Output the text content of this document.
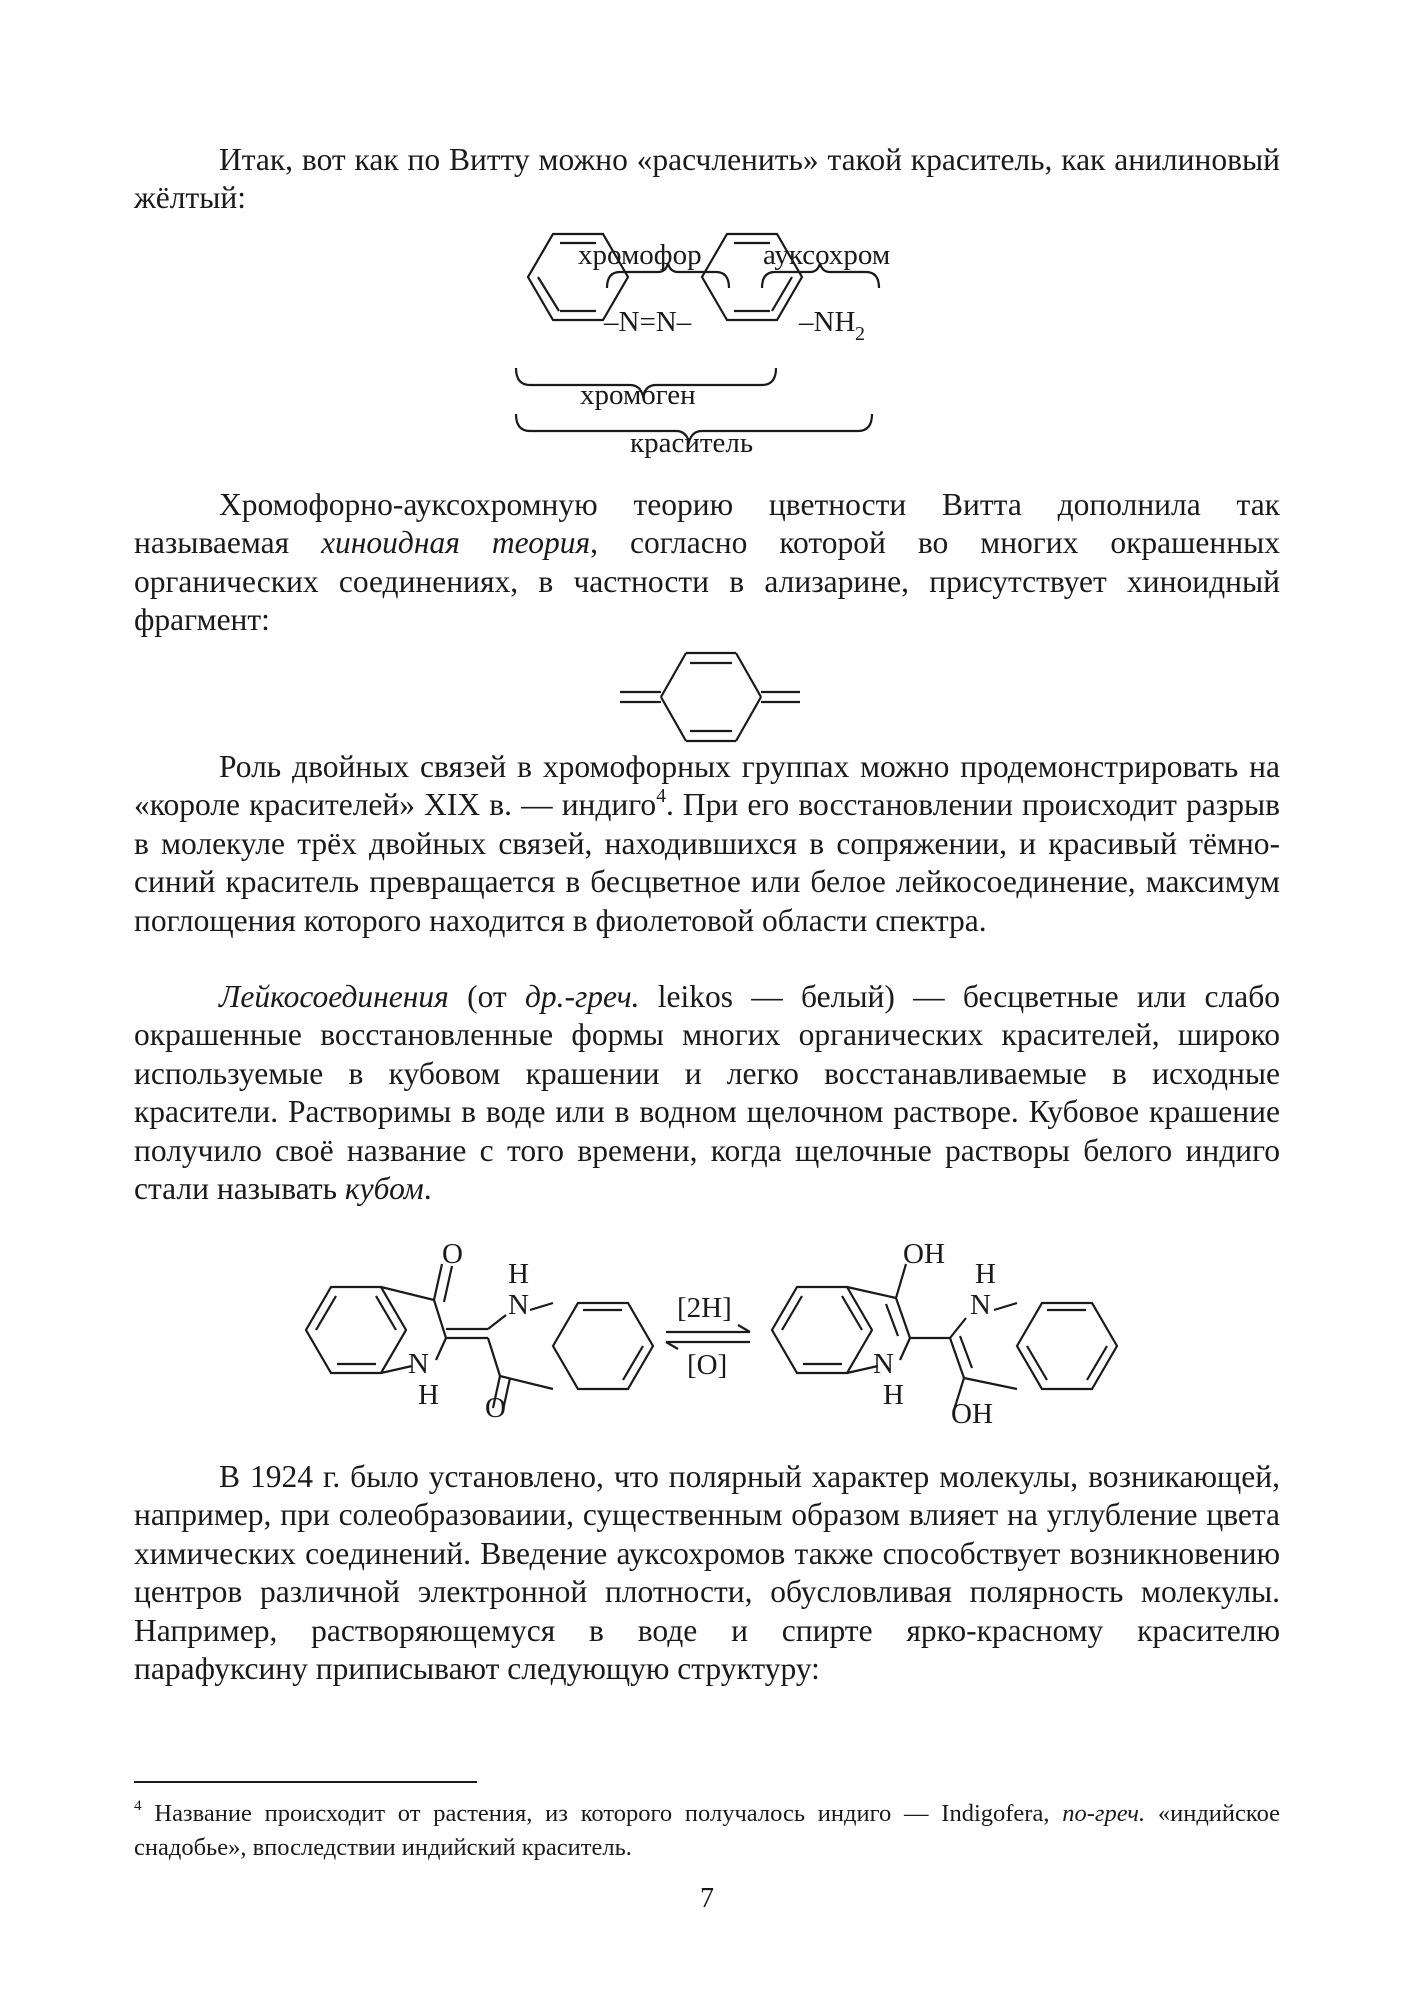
Итак, вот как по Витту можно «расчленить» такой краситель, как анилиновый жёлтый:

хромофор ауксохром
–N=N–	–NH 2
хромоген
краситель
O
H
N
N
H O
[2H]
[O]
OH
H
N
N
H
OH

Хромофорно-ауксохромную теорию цветности Витта дополнила так называемая хиноидная теория, согласно которой во многих окрашенных органических соединениях, в частности в ализарине, присутствует хиноидный фрагмент:

Роль двойных связей в хромофорных группах можно продемонстрировать на «короле красителей» XIX в. — индиго$^4$. При его восстановлении происходит разрыв в молекуле трёх двойных связей, находившихся в сопряжении, и красивый тёмно-синий краситель превращается в бесцветное или белое лейкосоединение, максимум поглощения которого находится в фиолетовой области спектра.

Лейкосоединения (от др.-греч. leikos — белый) — бесцветные или слабо окрашенные восстановленные формы многих органических красителей, широко используемые в кубовом крашении и легко восстанавливаемые в исходные красители. Растворимы в воде или в водном щелочном растворе. Кубовое крашение получило своё название с того времени, когда щелочные растворы белого индиго стали называть кубом.

В 1924 г. было установлено, что полярный характер молекулы, возникающей, например, при солеобразоваиии, существенным образом влияет на углубление цвета химических соединений. Введение ауксохромов также способствует возникновению центров различной электронной плотности, обусловливая полярность молекулы. Например, растворяющемуся в воде и спирте ярко-красному красителю парафуксину приписывают следующую структуру:

$^4$ Название происходит от растения, из которого получалось индиго — Indigofera, по-греч. «индийское снадобье», впоследствии индийский краситель.

7
